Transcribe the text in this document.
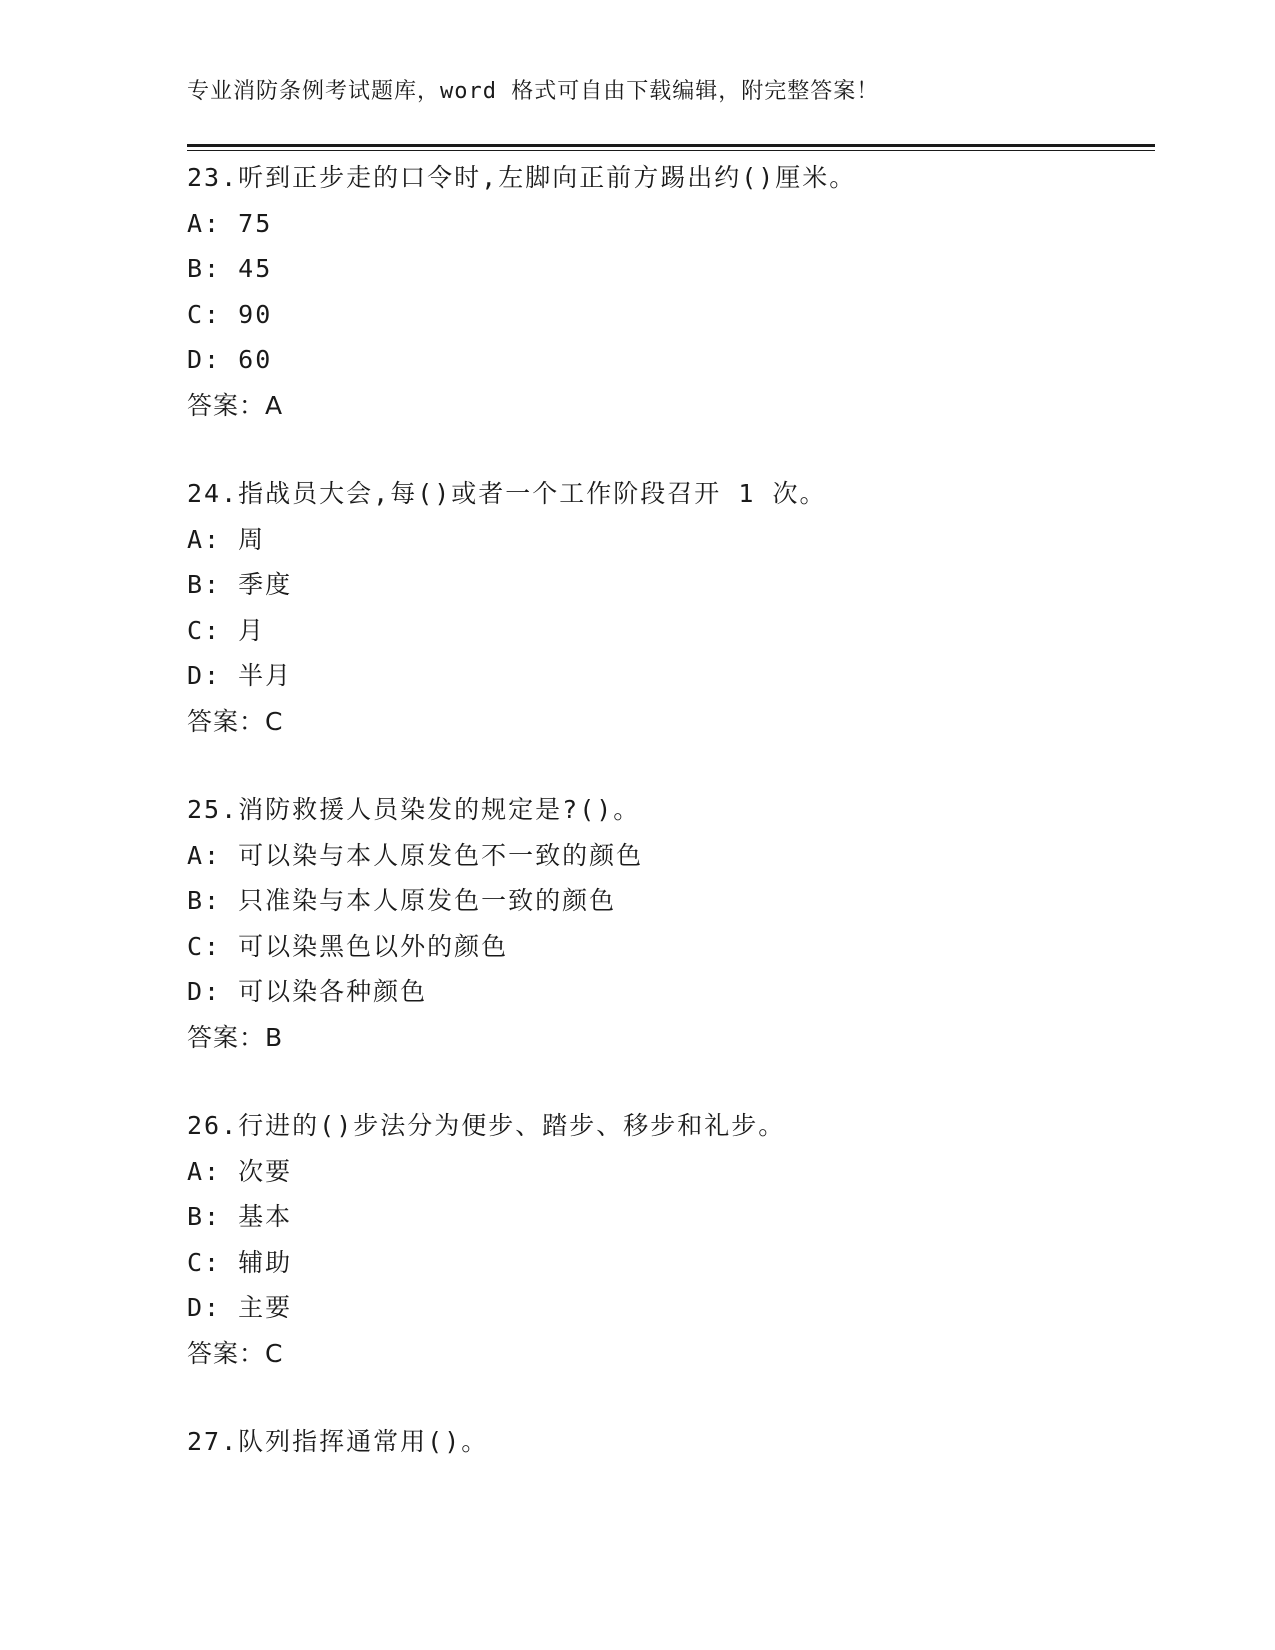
专业消防条例考试题库，word 格式可自由下载编辑，附完整答案！
23.听到正步走的口令时,左脚向正前方踢出约()厘米。
A: 75
B: 45
C: 90
D: 60
答案：A
24.指战员大会,每()或者一个工作阶段召开 1 次。
A: 周
B: 季度
C: 月
D: 半月
答案：C
25.消防救援人员染发的规定是?()。
A: 可以染与本人原发色不一致的颜色
B: 只准染与本人原发色一致的颜色
C: 可以染黑色以外的颜色
D: 可以染各种颜色
答案：B
26.行进的()步法分为便步、踏步、移步和礼步。
A: 次要
B: 基本
C: 辅助
D: 主要
答案：C
27.队列指挥通常用()。
